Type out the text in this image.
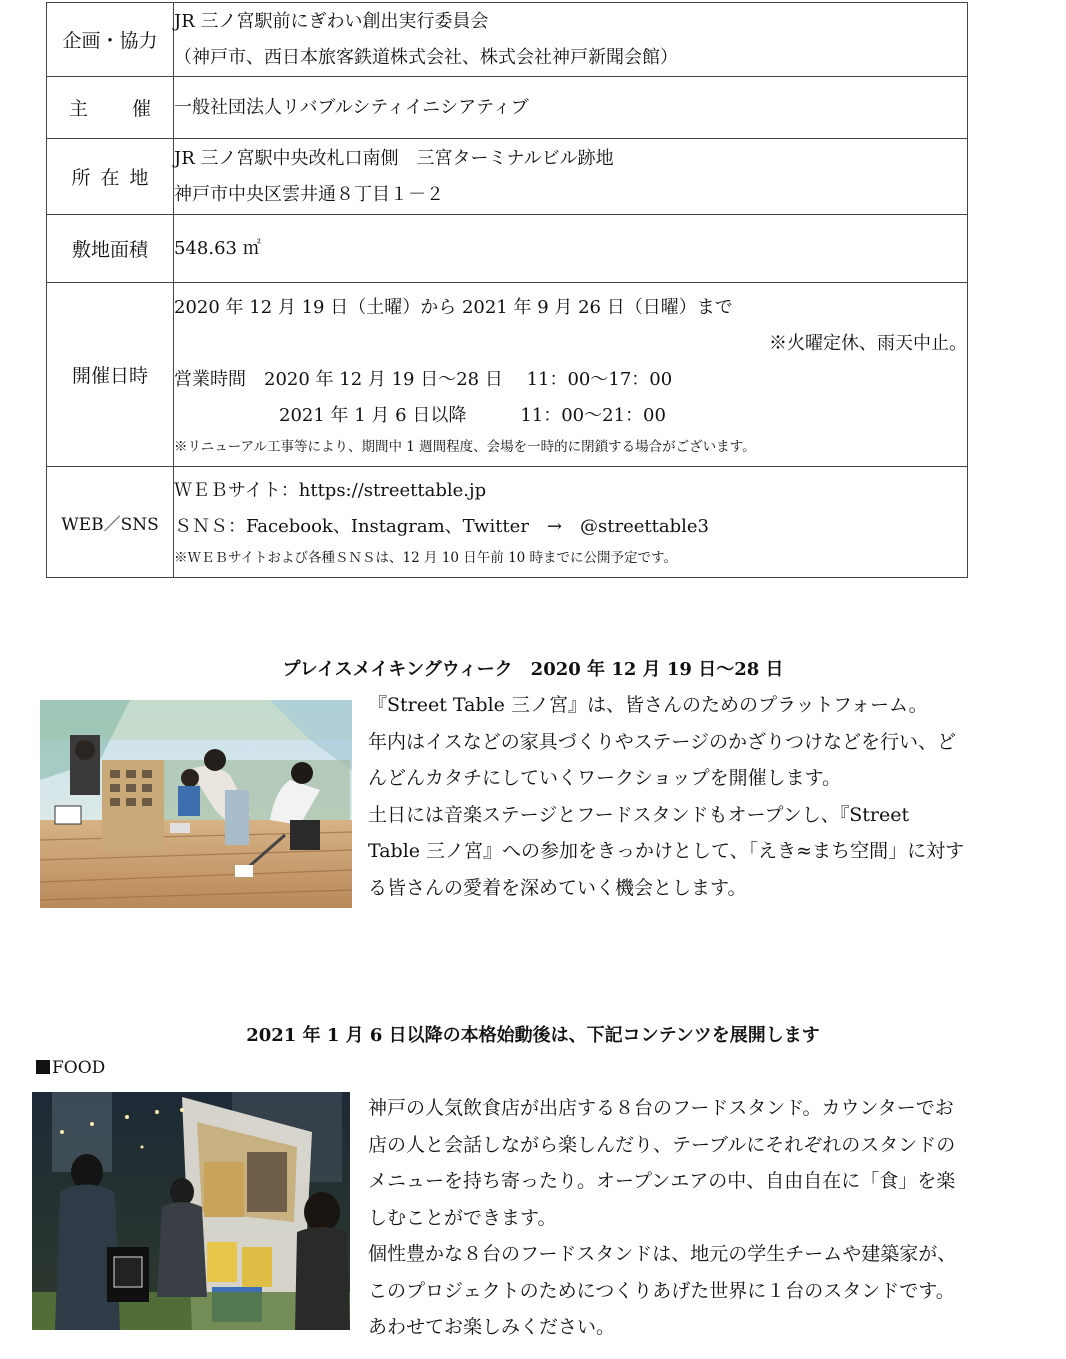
企画・協力	JR 三ノ宮駅前にぎわい創出実行委員会
（神戸市、西日本旅客鉄道株式会社、株式会社神戸新聞会館）

主催	一般社団法人リバブルシティイニシアティブ

所在地	JR 三ノ宮駅中央改札口南側　三宮ターミナルビル跡地
神戸市中央区雲井通８丁目１－２

敷地面積	548.63 ㎡

開催日時	2020 年 12 月 19 日（土曜）から 2021 年 9 月 26 日（日曜）まで
※火曜定休、雨天中止。
営業時間　2020 年 12 月 19 日～28 日　 11：00～17：00
2021 年 1 月 6 日以降　　　11：00～21：00
※リニューアル工事等により、期間中 1 週間程度、会場を一時的に閉鎖する場合がございます。

WEB／SNS	ＷＥＢサイト：https://streettable.jp
ＳＮＳ：Facebook、Instagram、Twitter　→　@streettable3
※ＷＥＢサイトおよび各種ＳＮＳは、12 月 10 日午前 10 時までに公開予定です。
プレイスメイキングウィーク　2020 年 12 月 19 日～28 日
『Street Table 三ノ宮』は、皆さんのためのプラットフォーム。
年内はイスなどの家具づくりやステージのかざりつけなどを行い、ど
んどんカタチにしていくワークショップを開催します。
土日には音楽ステージとフードスタンドもオープンし、『Street
Table 三ノ宮』への参加をきっかけとして、「えき≈まち空間」に対す
る皆さんの愛着を深めていく機会とします。
2021 年 1 月 6 日以降の本格始動後は、下記コンテンツを展開します
FOOD
神戸の人気飲食店が出店する８台のフードスタンド。カウンターでお
店の人と会話しながら楽しんだり、テーブルにそれぞれのスタンドの
メニューを持ち寄ったり。オープンエアの中、自由自在に「食」を楽
しむことができます。
個性豊かな８台のフードスタンドは、地元の学生チームや建築家が、
このプロジェクトのためにつくりあげた世界に１台のスタンドです。
あわせてお楽しみください。
